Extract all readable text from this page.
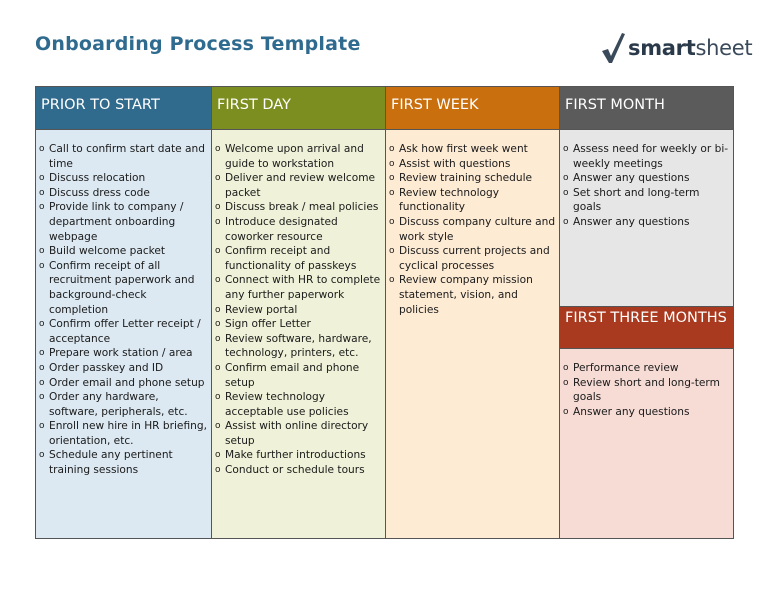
Onboarding Process Template	smartsheet
PRIOR TO START
o Call to confirm start date and time
o Discuss relocation
o Discuss dress code
o Provide link to company / department onboarding webpage
o Build welcome packet
o Confirm receipt of all recruitment paperwork and background-check completion
o Confirm offer Letter receipt / acceptance
o Prepare work station / area
o Order passkey and ID
o Order email and phone setup
o Order any hardware, software, peripherals, etc.
o Enroll new hire in HR briefing, orientation, etc.
o Schedule any pertinent training sessions
FIRST DAY
o Welcome upon arrival and guide to workstation
o Deliver and review welcome packet
o Discuss break / meal policies
o Introduce designated coworker resource
o Confirm receipt and functionality of passkeys
o Connect with HR to complete any further paperwork
o Review portal
o Sign offer Letter
o Review software, hardware, technology, printers, etc.
o Confirm email and phone setup
o Review technology acceptable use policies
o Assist with online directory setup
o Make further introductions
o Conduct or schedule tours
FIRST WEEK
o Ask how first week went
o Assist with questions
o Review training schedule
o Review technology functionality
o Discuss company culture and work style
o Discuss current projects and cyclical processes
o Review company mission statement, vision, and policies
FIRST MONTH
o Assess need for weekly or bi-weekly meetings
o Answer any questions
o Set short and long-term goals
o Answer any questions
FIRST THREE MONTHS
o Performance review
o Review short and long-term goals
o Answer any questions
